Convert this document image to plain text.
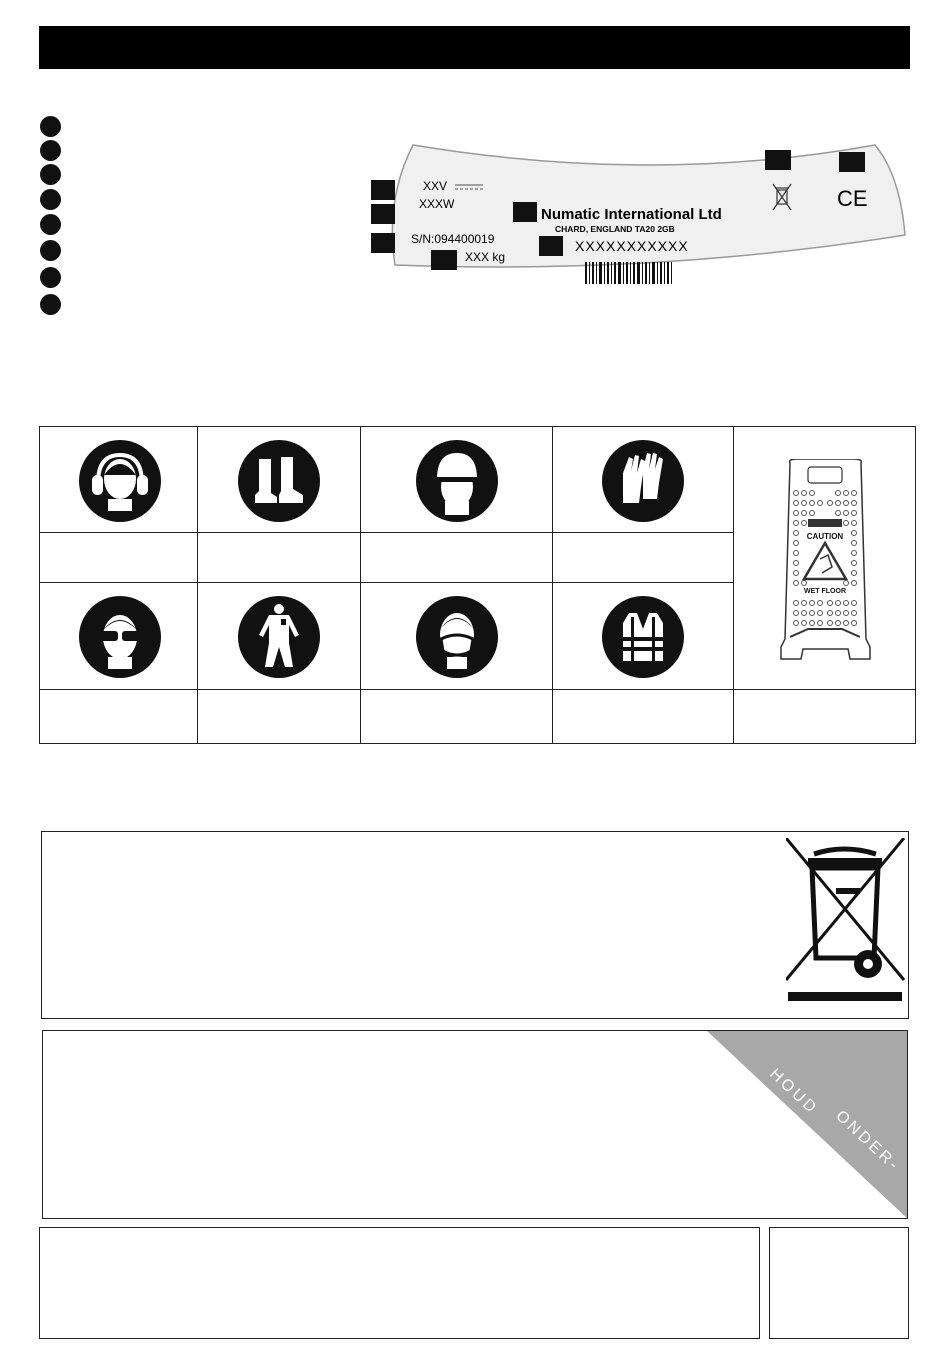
XXV
XXXW
S/N:094400019
XXX kg
Numatic International Ltd
CHARD, ENGLAND TA20 2GB
XXXXXXXXXXX
CE
CAUTION
WET FLOOR
HOUD
ONDER-
